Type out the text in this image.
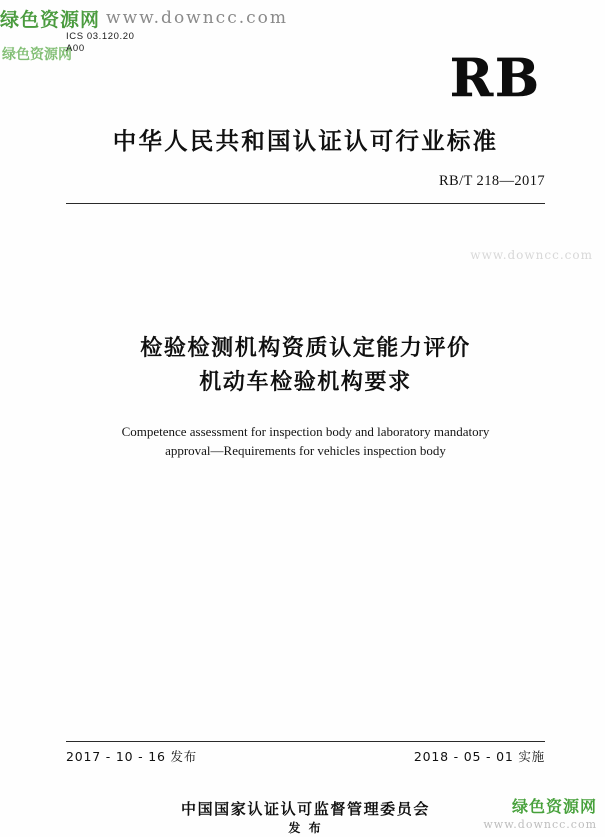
绿色资源网 www.downcc.com
绿色资源网
www.downcc.com
ICS 03.120.20
A00	RB
中华人民共和国认证认可行业标准
RB/T 218—2017
检验检测机构资质认定能力评价
机动车检验机构要求
Competence assessment for inspection body and laboratory mandatory
approval—Requirements for vehicles inspection body
2017 - 10 - 16 发布	2018 - 05 - 01 实施
中国国家认证认可监督管理委员会
发 布
绿色资源网
www.downcc.com
